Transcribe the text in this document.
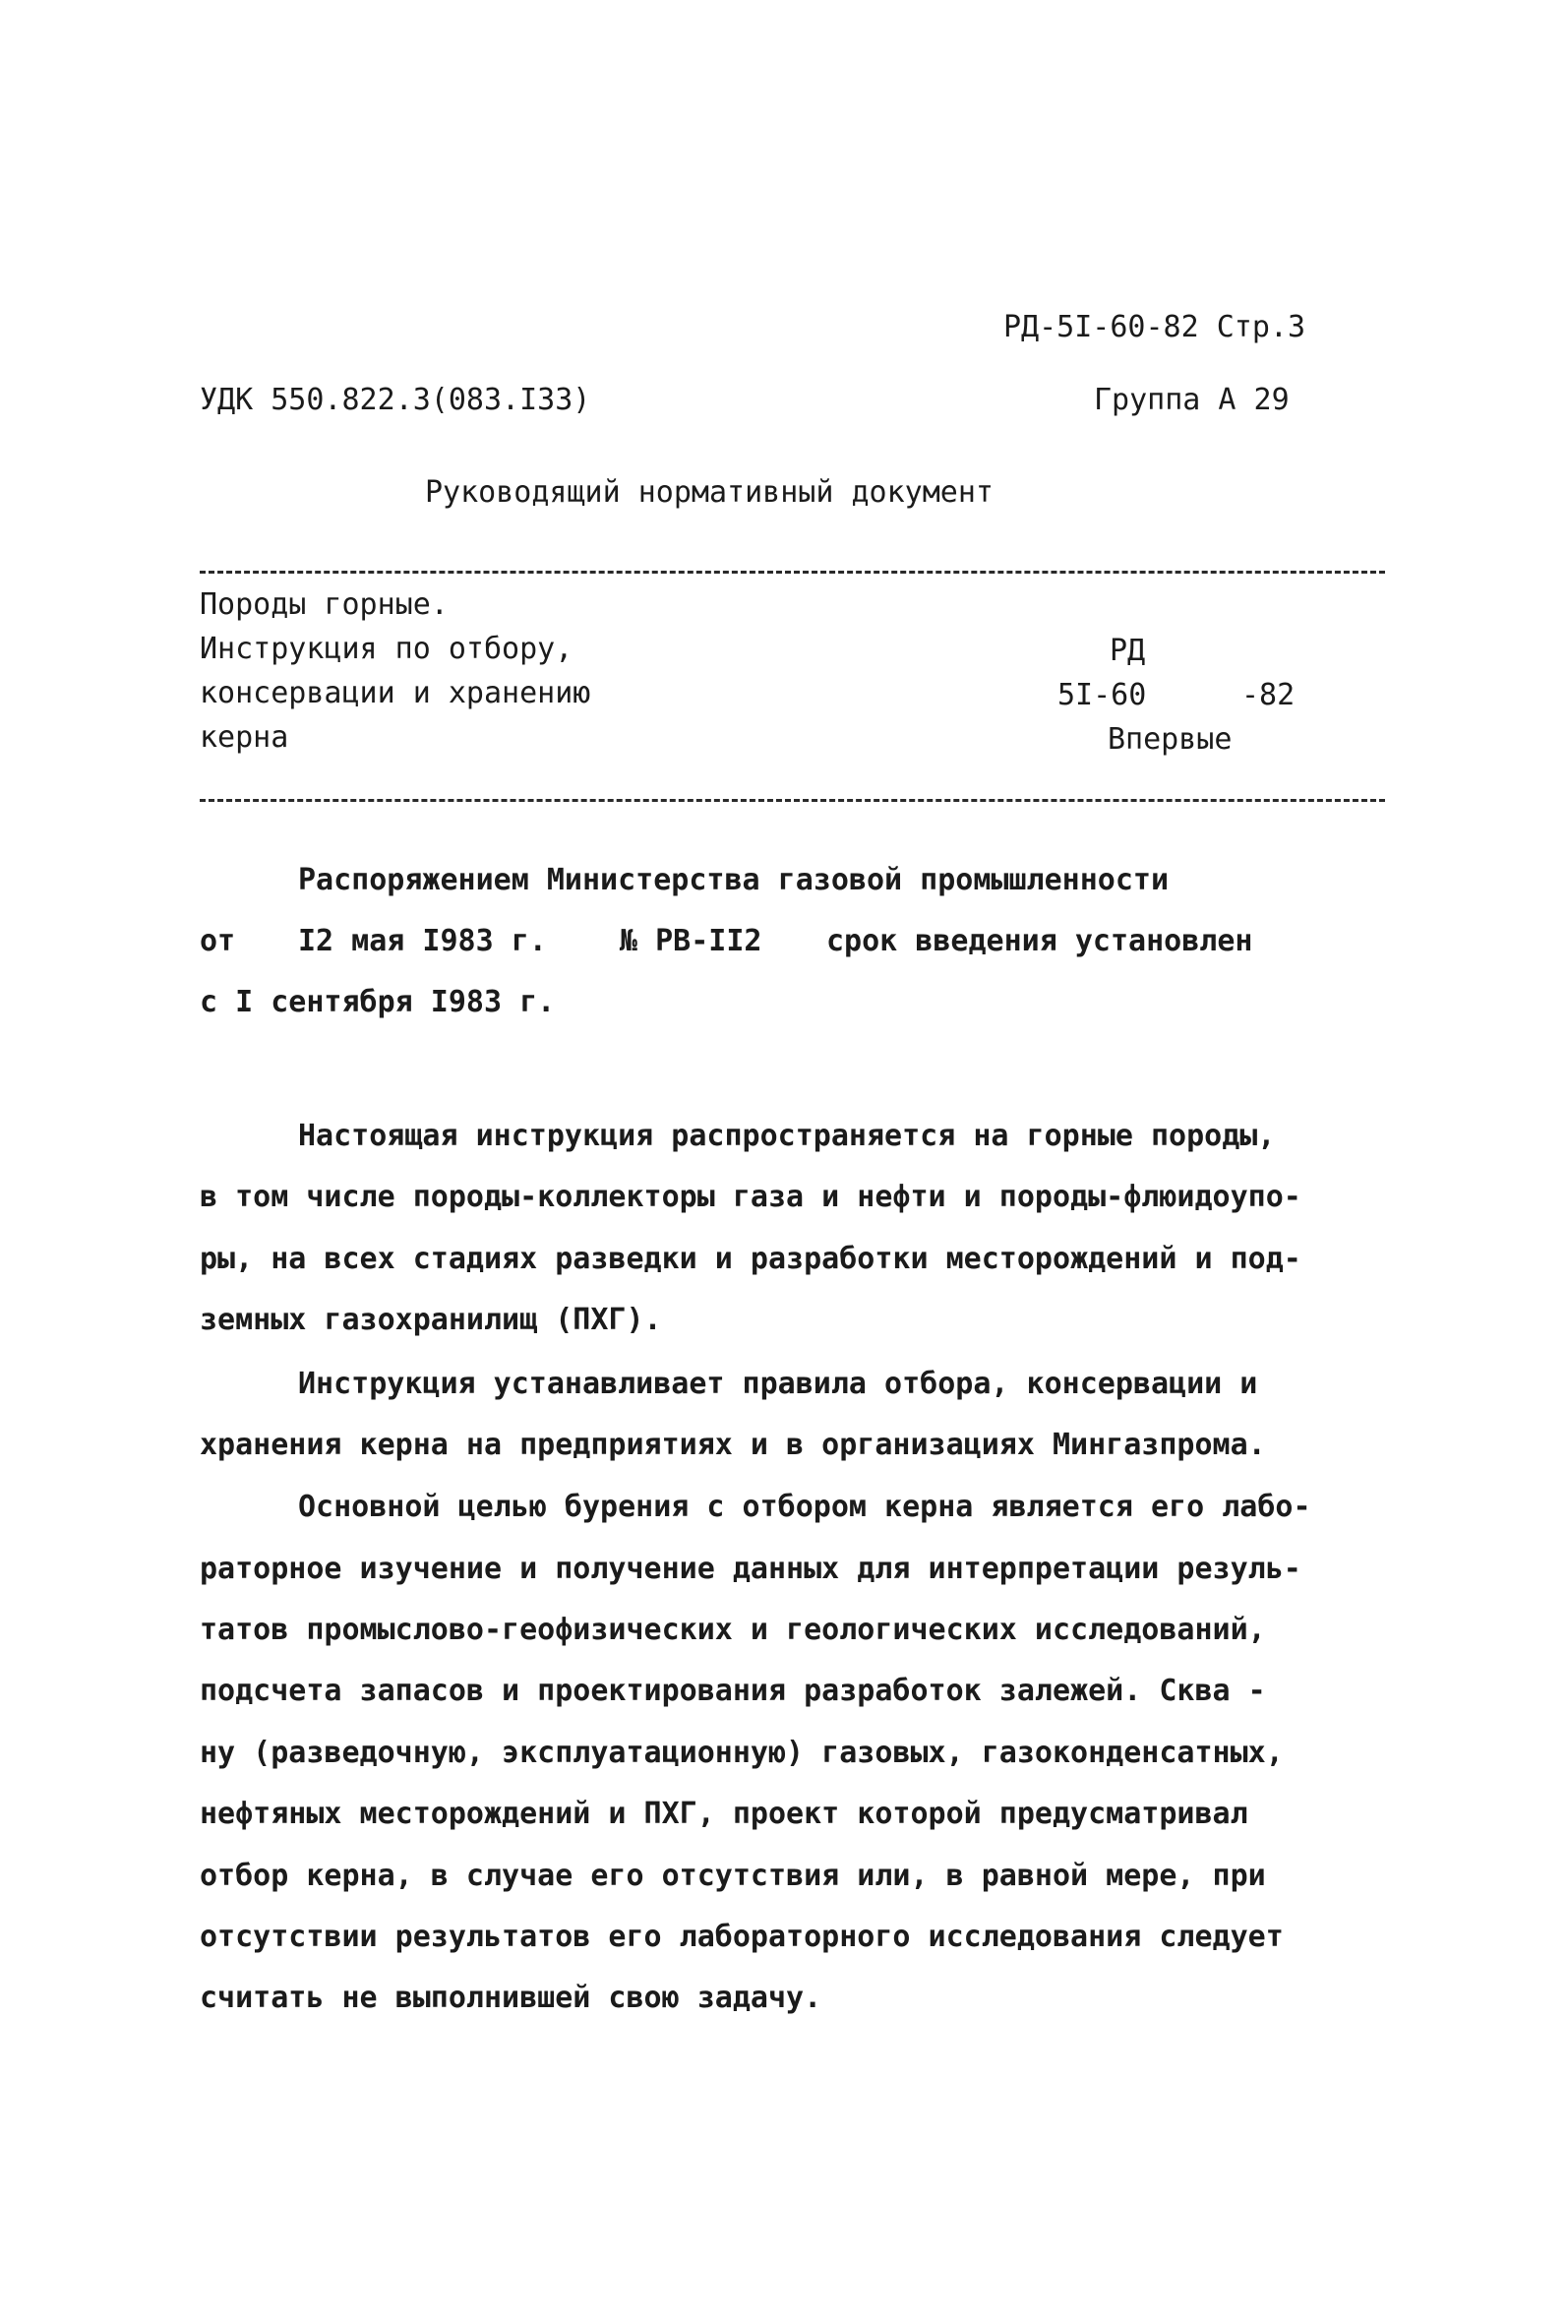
РД-5I-60-82 Стр.3
УДК 550.822.3(083.I33)	Группа А 29
Руководящий нормативный документ
Породы горные.
Инструкция по отбору,
консервации и хранению
керна
РД
5I-60	-82
Впервые
Распоряжением Министерства газовой промышленности
от I2 мая I983 г. № РВ-II2 срок введения установлен
с I сентября I983 г.
Настоящая инструкция распространяется на горные породы,
в том числе породы-коллекторы газа и нефти и породы-флюидоупо-
ры, на всех стадиях разведки и разработки месторождений и под-
земных газохранилищ (ПХГ).
Инструкция устанавливает правила отбора, консервации и
хранения керна на предприятиях и в организациях Мингазпрома.
Основной целью бурения с отбором керна является его лабо-
раторное изучение и получение данных для интерпретации резуль-
татов промыслово-геофизических и геологических исследований,
подсчета запасов и проектирования разработок залежей. Сква -
ну (разведочную, эксплуатационную) газовых, газоконденсатных,
нефтяных месторождений и ПХГ, проект которой предусматривал
отбор керна, в случае его отсутствия или, в равной мере, при
отсутствии результатов его лабораторного исследования следует
считать не выполнившей свою задачу.
